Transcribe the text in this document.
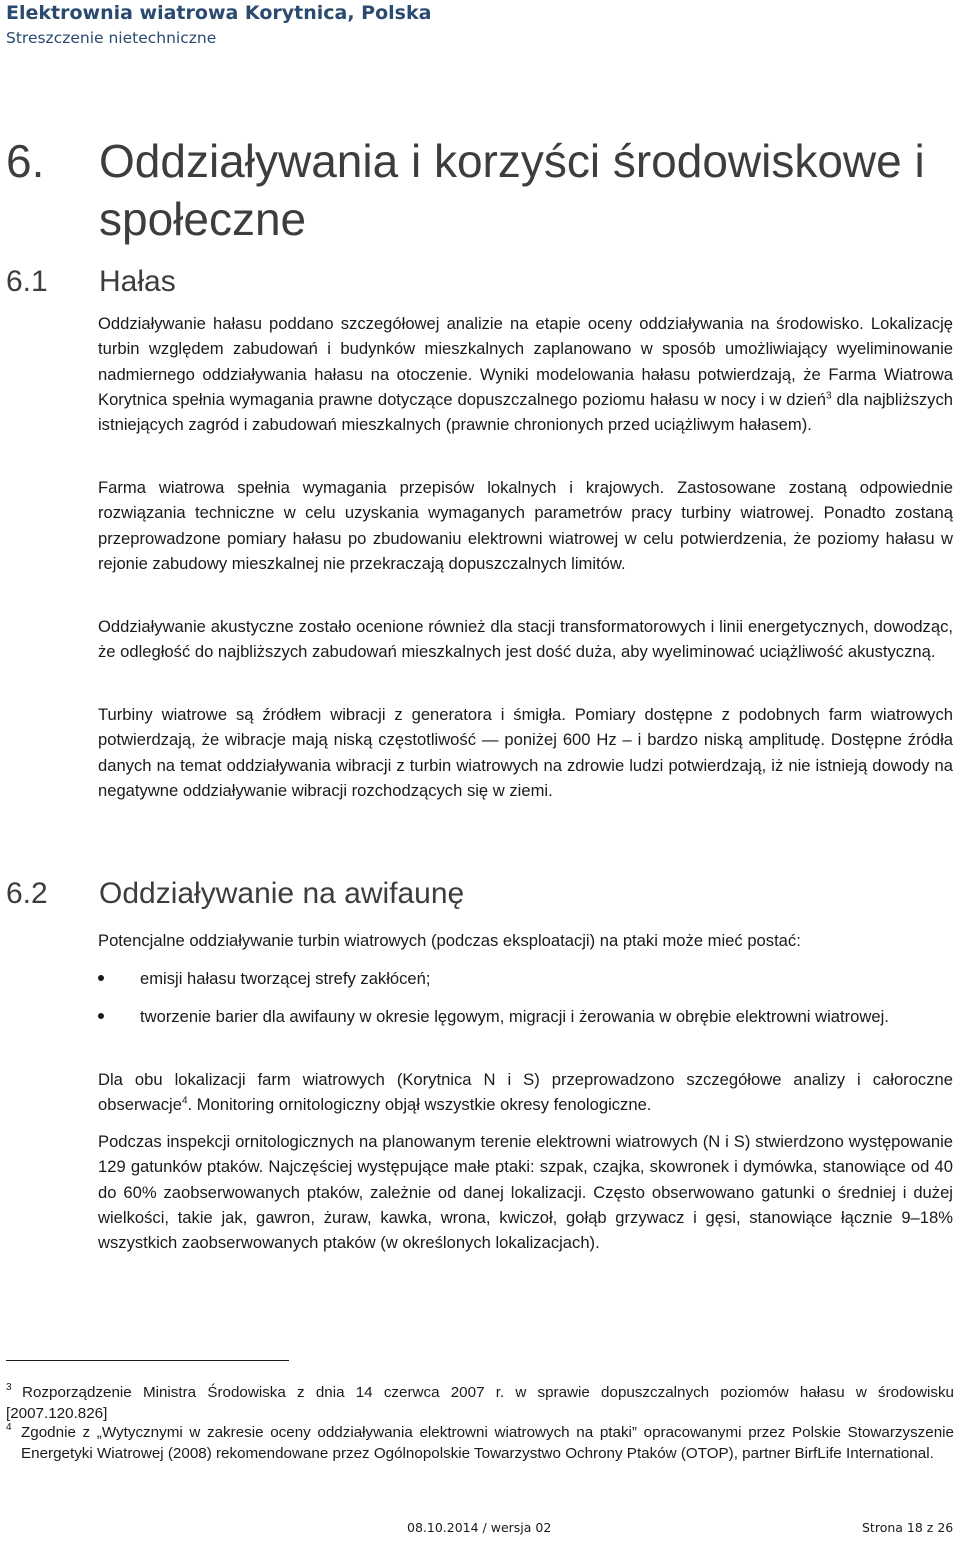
Elektrownia wiatrowa Korytnica, Polska
Streszczenie nietechniczne
6. Oddziaływania i korzyści środowiskowe i społeczne
6.1 Hałas

Oddziaływanie hałasu poddano szczegółowej analizie na etapie oceny oddziaływania na środowisko. Lokalizację turbin względem zabudowań i budynków mieszkalnych zaplanowano w sposób umożliwiający wyeliminowanie nadmiernego oddziaływania hałasu na otoczenie. Wyniki modelowania hałasu potwierdzają, że Farma Wiatrowa Korytnica spełnia wymagania prawne dotyczące dopuszczalnego poziomu hałasu w nocy i w dzień$^3$ dla najbliższych istniejących zagród i zabudowań mieszkalnych (prawnie chronionych przed uciążliwym hałasem).

Farma wiatrowa spełnia wymagania przepisów lokalnych i krajowych. Zastosowane zostaną odpowiednie rozwiązania techniczne w celu uzyskania wymaganych parametrów pracy turbiny wiatrowej. Ponadto zostaną przeprowadzone pomiary hałasu po zbudowaniu elektrowni wiatrowej w celu potwierdzenia, że poziomy hałasu w rejonie zabudowy mieszkalnej nie przekraczają dopuszczalnych limitów.

Oddziaływanie akustyczne zostało ocenione również dla stacji transformatorowych i linii energetycznych, dowodząc, że odległość do najbliższych zabudowań mieszkalnych jest dość duża, aby wyeliminować uciążliwość akustyczną.

Turbiny wiatrowe są źródłem wibracji z generatora i śmigła. Pomiary dostępne z podobnych farm wiatrowych potwierdzają, że wibracje mają niską częstotliwość — poniżej 600 Hz – i bardzo niską amplitudę. Dostępne źródła danych na temat oddziaływania wibracji z turbin wiatrowych na zdrowie ludzi potwierdzają, iż nie istnieją dowody na negatywne oddziaływanie wibracji rozchodzących się w ziemi.

6.2 Oddziaływanie na awifaunę

Potencjalne oddziaływanie turbin wiatrowych (podczas eksploatacji) na ptaki może mieć postać:

emisji hałasu tworzącej strefy zakłóceń;
tworzenie barier dla awifauny w okresie lęgowym, migracji i żerowania w obrębie elektrowni wiatrowej.

Dla obu lokalizacji farm wiatrowych (Korytnica N i S) przeprowadzono szczegółowe analizy i całoroczne obserwacje$^4$. Monitoring ornitologiczny objął wszystkie okresy fenologiczne.

Podczas inspekcji ornitologicznych na planowanym terenie elektrowni wiatrowych (N i S) stwierdzono występowanie 129 gatunków ptaków. Najczęściej występujące małe ptaki: szpak, czajka, skowronek i dymówka, stanowiące od 40 do 60% zaobserwowanych ptaków, zależnie od danej lokalizacji. Często obserwowano gatunki o średniej i dużej wielkości, takie jak, gawron, żuraw, kawka, wrona, kwiczoł, gołąb grzywacz i gęsi, stanowiące łącznie 9–18% wszystkich zaobserwowanych ptaków (w określonych lokalizacjach).

3 Rozporządzenie Ministra Środowiska z dnia 14 czerwca 2007 r. w sprawie dopuszczalnych poziomów hałasu w środowisku [2007.120.826]
4 Zgodnie z „Wytycznymi w zakresie oceny oddziaływania elektrowni wiatrowych na ptaki” opracowanymi przez Polskie Stowarzyszenie Energetyki Wiatrowej (2008) rekomendowane przez Ogólnopolskie Towarzystwo Ochrony Ptaków (OTOP), partner BirfLife International.
08.10.2014 / wersja 02	Strona 18 z 26
